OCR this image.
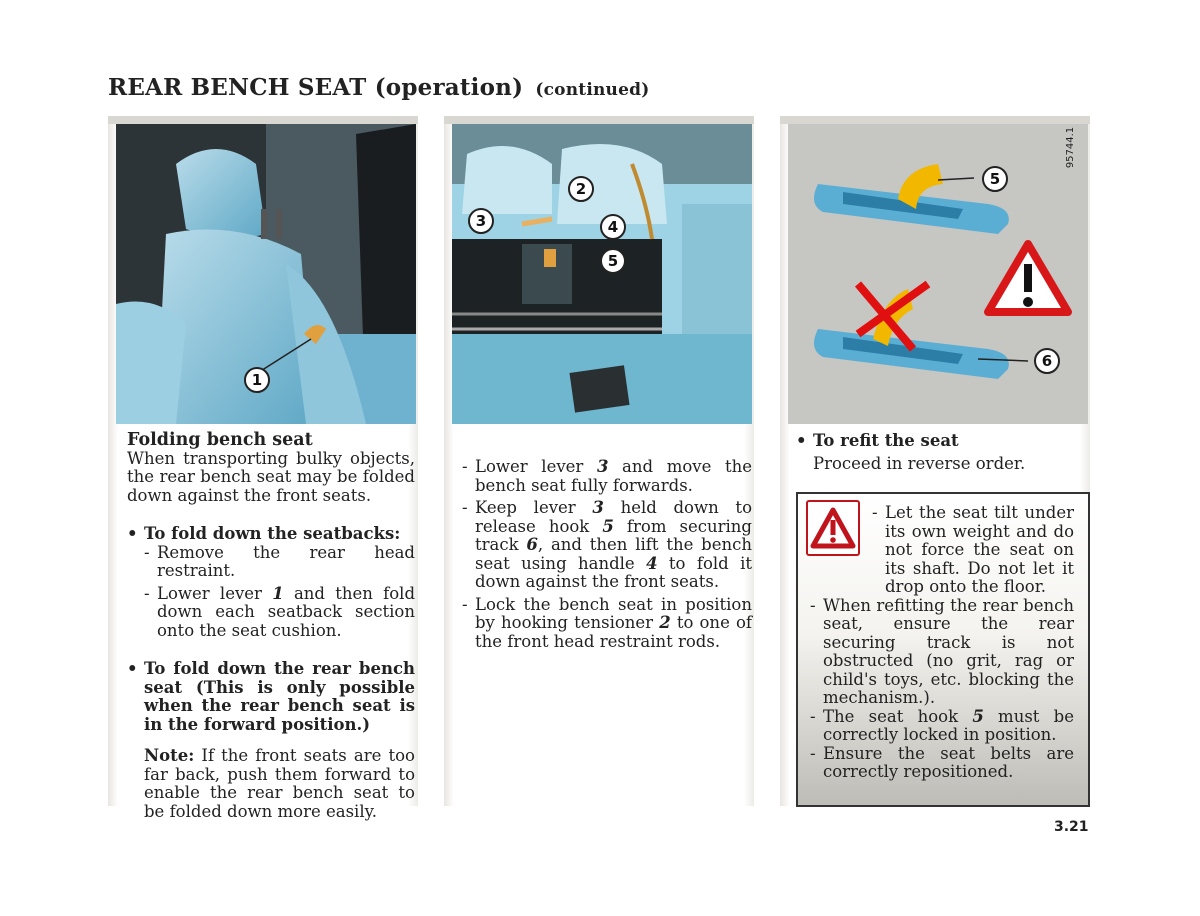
REAR BENCH SEAT (operation) (continued)
1
Folding bench seat
When transporting bulky objects, the rear bench seat may be folded down against the front seats.
• To fold down the seatbacks:
- Remove the rear head restraint.
- Lower lever 1 and then fold down each seatback section onto the seat cushion.
• To fold down the rear bench seat (This is only possible when the rear bench seat is in the forward position.)
Note: If the front seats are too far back, push them forward to enable the rear bench seat to be folded down more easily.
2
3	4
5
- Lower lever 3 and move the bench seat fully forwards.
- Keep lever 3 held down to release hook 5 from securing track 6, and then lift the bench seat using handle 4 to fold it down against the front seats.
- Lock the bench seat in position by hooking tensioner 2 to one of the front head restraint rods.
5
6
• To refit the seat
Proceed in reverse order.
95744.1
- Let the seat tilt under its own weight and do not force the seat on its shaft. Do not let it drop onto the floor.
- When refitting the rear bench seat, ensure the rear securing track is not obstructed (no grit, rag or child's toys, etc. blocking the mechanism.).
- The seat hook 5 must be correctly locked in position.
- Ensure the seat belts are correctly repositioned.
3.21
